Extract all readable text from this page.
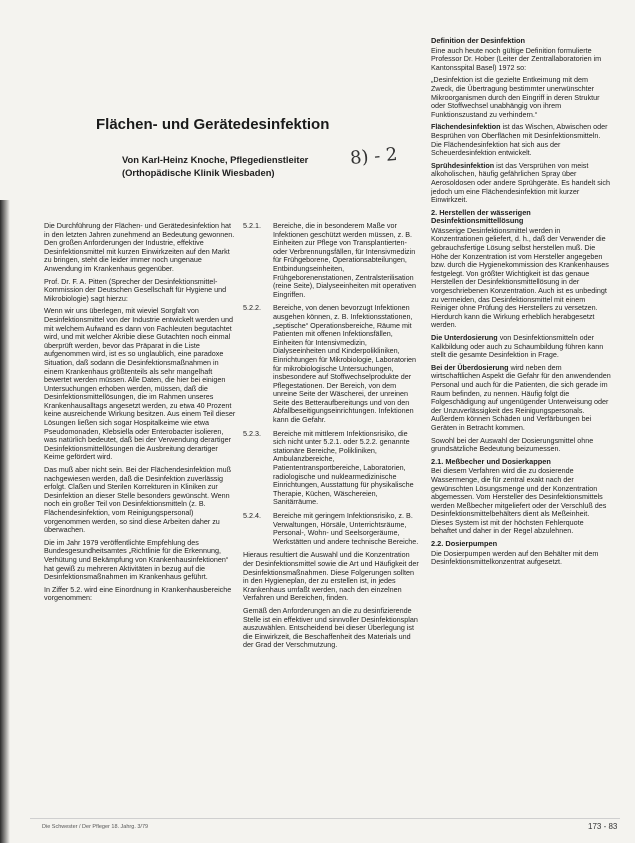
Flächen- und Gerätedesinfektion
Von Karl-Heinz Knoche, Pflegedienstleiter
(Orthopädische Klinik Wiesbaden)
8) - 2

Die Durchführung der Flächen- und Gerätedesinfektion hat in den letzten Jahren zunehmend an Bedeutung gewonnen. Den großen Anforderungen der Industrie, effektive Desinfektionsmittel mit kurzen Einwirkzeiten auf den Markt zu bringen, steht die leider immer noch ungenaue Anwendung im Krankenhaus gegenüber.

Prof. Dr. F. A. Pitten (Sprecher der Desinfektionsmittel-Kommission der Deutschen Gesellschaft für Hygiene und Mikrobiologie) sagt hierzu:

Wenn wir uns überlegen, mit wieviel Sorgfalt von Desinfektionsmittel von der Industrie entwickelt werden und mit welchem Aufwand es dann von Fachleuten begutachtet wird, und mit welcher Akribie diese Gutachten noch einmal überprüft werden, bevor das Präparat in die Liste aufgenommen wird, ist es so unglaublich, eine paradoxe Situation, daß sodann die Desinfektionsmaßnahmen in einem Krankenhaus größtenteils als sehr mangelhaft bewertet werden müssen. Alle Daten, die hier bei einigen Untersuchungen erhoben werden, müssen, daß die Desinfektionsmittellösungen, die im Rahmen unseres Krankenhausalltags angesetzt werden, zu etwa 40 Prozent keine ausreichende Wirkung besitzen. Aus einem Teil dieser Lösungen ließen sich sogar Hospitalkeime wie etwa Pseudomonaden, Klebsiella oder Enterobacter isolieren, was natürlich bedeutet, daß bei der Verwendung derartiger Desinfektionsmittellösungen die Ausbreitung derartiger Keime gefördert wird.

Das muß aber nicht sein. Bei der Flächendesinfektion muß nachgewiesen werden, daß die Desinfektion zuverlässig erfolgt. Claßen und Sterilen Korrekturen in Kliniken zur Desinfektion an dieser Stelle besonders gewünscht. Wenn noch ein großer Teil von Desinfektionsmitteln (z. B. Flächendesinfektion, vom Reinigungspersonal) vorgenommen werden, so sind diese Arbeiten daher zu überwachen.

Die im Jahr 1979 veröffentlichte Empfehlung des Bundesgesundheitsamtes „Richtlinie für die Erkennung, Verhütung und Bekämpfung von Krankenhausinfektionen“ hat gewiß zu mehreren Aktivitäten in bezug auf die Desinfektionsmaßnahmen im Krankenhaus geführt.

In Ziffer 5.2. wird eine Einordnung in Krankenhausbereiche vorgenommen:

5.2.1. Bereiche, die in besonderem Maße vor Infektionen geschützt werden müssen, z. B. Einheiten zur Pflege von Transplantierten- oder Verbrennungsfällen, für Intensivmedizin für Frühgeborene, Operationsabteilungen, Entbindungseinheiten, Frühgeborenenstationen, Zentralsterilisation (reine Seite), Dialyseeinheiten mit operativen Eingriffen.
5.2.2. Bereiche, von denen bevorzugt Infektionen ausgehen können, z. B. Infektionsstationen, „septische“ Operationsbereiche, Räume mit Patienten mit offenen Infektionsfällen, Einheiten für Intensivmedizin, Dialyseeinheiten und Kinderpolikliniken, Einrichtungen für Mikrobiologie, Laboratorien für mikrobiologische Untersuchungen, insbesondere auf Stoffwechselprodukte der Pflegestationen. Der Bereich, von dem unreine Seite der Wäscherei, der unreinen Seite des Betteraufbereitungs und von den Abfallbeseitigungseinrichtungen. Infektionen kann die Gefahr.
5.2.3. Bereiche mit mittlerem Infektionsrisiko, die sich nicht unter 5.2.1. oder 5.2.2. genannte stationäre Bereiche, Polikliniken, Ambulanzbereiche, Patiententransportbereiche, Laboratorien, radiologische und nuklearmedizinische Einrichtungen, Ausstattung für physikalische Therapie, Küchen, Wäschereien, Sanitärräume.
5.2.4. Bereiche mit geringem Infektionsrisiko, z. B. Verwaltungen, Hörsäle, Unterrichtsräume, Personal-, Wohn- und Seelsorgeräume, Werkstätten und andere technische Bereiche.

Hieraus resultiert die Auswahl und die Konzentration der Desinfektionsmittel sowie die Art und Häufigkeit der Desinfektionsmaßnahmen. Diese Folgerungen sollten in den Hygieneplan, der zu erstellen ist, in jedes Krankenhaus umfaßt werden, nach den einzelnen Verfahren und Bereichen, finden.

Gemäß den Anforderungen an die zu desinfizierende Stelle ist ein effektiver und sinnvoller Desinfektionsplan auszuwählen. Entscheidend bei dieser Überlegung ist die Einwirkzeit, die Beschaffenheit des Materials und der Grad der Verschmutzung.

Definition der Desinfektion

Eine auch heute noch gültige Definition formulierte Professor Dr. Hober (Leiter der Zentrallaboratorien im Kantonsspital Basel) 1972 so:

„Desinfektion ist die gezielte Entkeimung mit dem Zweck, die Übertragung bestimmter unerwünschter Mikroorganismen durch den Eingriff in deren Struktur oder Stoffwechsel unabhängig von ihrem Funktionszustand zu verhindern.“

Flächendesinfektion ist das Wischen, Abwischen oder Besprühen von Oberflächen mit Desinfektionsmitteln. Die Flächendesinfektion hat sich aus der Scheuerdesinfektion entwickelt.

Sprühdesinfektion ist das Versprühen von meist alkoholischen, häufig gefährlichen Spray über Aerosoldosen oder andere Sprühgeräte. Es handelt sich jedoch um eine Flächendesinfektion mit kurzer Einwirkzeit.

2. Herstellen der wässerigen Desinfektionsmittellösung

Wässerige Desinfektionsmittel werden in Konzentrationen geliefert, d. h., daß der Verwender die gebrauchsfertige Lösung selbst herstellen muß. Die Höhe der Konzentration ist vom Hersteller angegeben bzw. durch die Hygienekommission des Krankenhauses festgelegt. Von größter Wichtigkeit ist das genaue Herstellen der Desinfektionsmittellösung in der vorgeschriebenen Konzentration. Auch ist es unbedingt zu vermeiden, das Desinfektionsmittel mit einem Reiniger ohne Prüfung des Herstellers zu versetzen. Hierdurch kann die Wirkung erheblich herabgesetzt werden.

Die Unterdosierung von Desinfektionsmitteln oder Kalkbildung oder auch zu Schaumbildung führen kann stellt die gesamte Desinfektion in Frage.

Bei der Überdosierung wird neben dem wirtschaftlichen Aspekt die Gefahr für den anwendenden Personal und auch für die Patienten, die sich gerade im Raum befinden, zu nennen. Häufig folgt die Folgeschädigung auf ungenügender Unterweisung oder der Unzuverlässigkeit des Reinigungspersonals. Außerdem können Schäden und Verfärbungen bei Geräten in Betracht kommen.

Sowohl bei der Auswahl der Dosierungsmittel ohne grundsätzliche Bedeutung beizumessen.

2.1. Meßbecher und Dosierkappen

Bei diesem Verfahren wird die zu dosierende Wassermenge, die für zentral exakt nach der gewünschten Lösungsmenge und der Konzentration abgemessen. Vom Hersteller des Desinfektionsmittels werden Meßbecher mitgeliefert oder der Verschluß des Desinfektionsmittelbehälters dient als Meßeinheit. Dieses System ist mit der höchsten Fehlerquote behaftet und daher in der Regel abzulehnen.

2.2. Dosierpumpen

Die Dosierpumpen werden auf den Behälter mit dem Desinfektionsmittelkonzentrat aufgesetzt.

Die Schwester / Der Pfleger 18. Jahrg. 3/79	173 - 83
